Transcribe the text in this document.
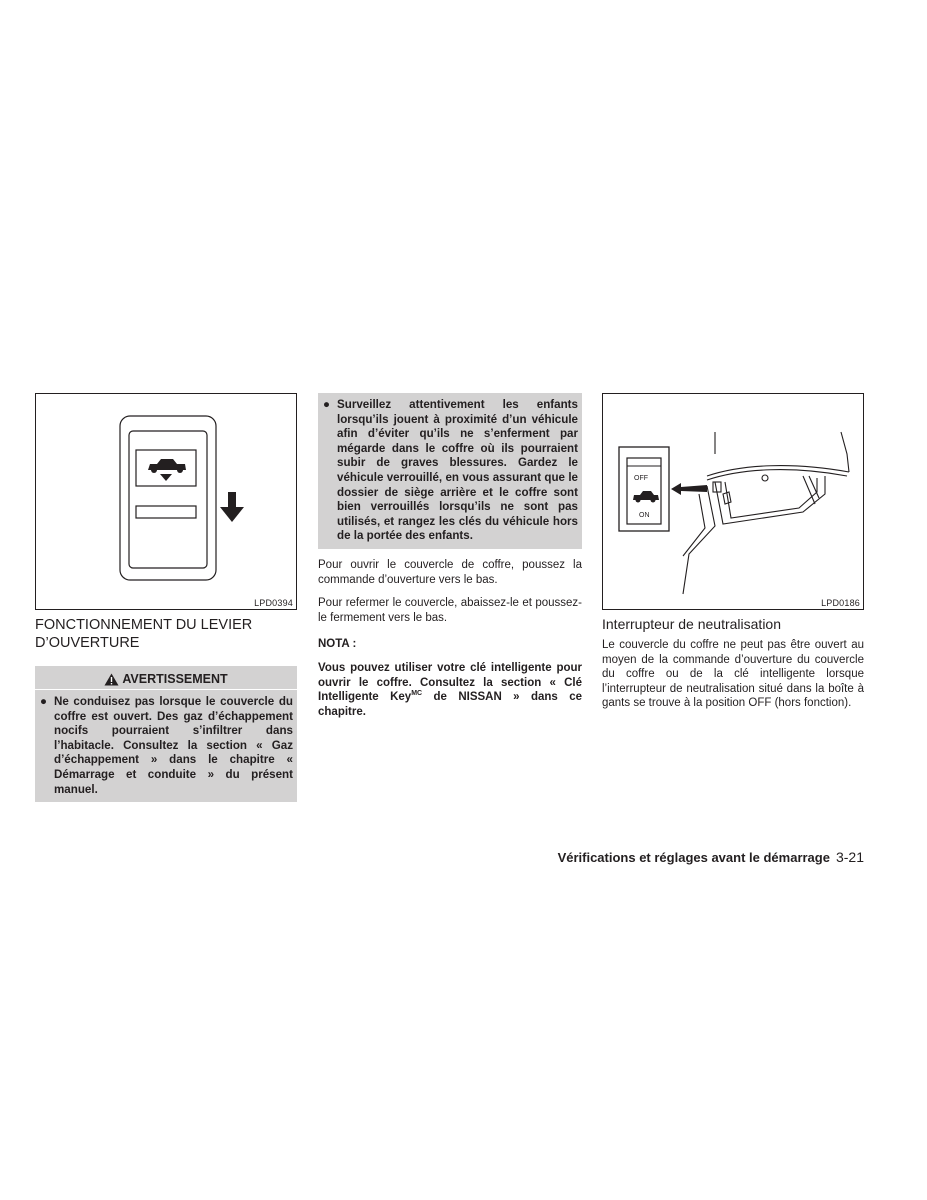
LPD0394
FONCTIONNEMENT DU LEVIER
D’OUVERTURE
AVERTISSEMENT
● Ne conduisez pas lorsque le couvercle du coffre est ouvert. Des gaz d’échappement nocifs pourraient s’infiltrer dans l’habitacle. Consultez la section « Gaz d’échappement » dans le chapitre « Démarrage et conduite » du présent manuel.
● Surveillez attentivement les enfants lorsqu’ils jouent à proximité d’un véhicule afin d’éviter qu’ils ne s’enferment par mégarde dans le coffre où ils pourraient subir de graves blessures. Gardez le véhicule verrouillé, en vous assurant que le dossier de siège arrière et le coffre sont bien verrouillés lorsqu’ils ne sont pas utilisés, et rangez les clés du véhicule hors de la portée des enfants.

Pour ouvrir le couvercle de coffre, poussez la commande d’ouverture vers le bas.

Pour refermer le couvercle, abaissez-le et poussez-le fermement vers le bas.

NOTA :

Vous pouvez utiliser votre clé intelligente pour ouvrir le coffre. Consultez la section « Clé Intelligente Key$^{MC}$ de NISSAN » dans ce chapitre.

OFF
ON
LPD0186
Interrupteur de neutralisation

Le couvercle du coffre ne peut pas être ouvert au moyen de la commande d’ouverture du couvercle du coffre ou de la clé intelligente lorsque l’interrupteur de neutralisation situé dans la boîte à gants se trouve à la position OFF (hors fonction).

Vérifications et réglages avant le démarrage 3-21
